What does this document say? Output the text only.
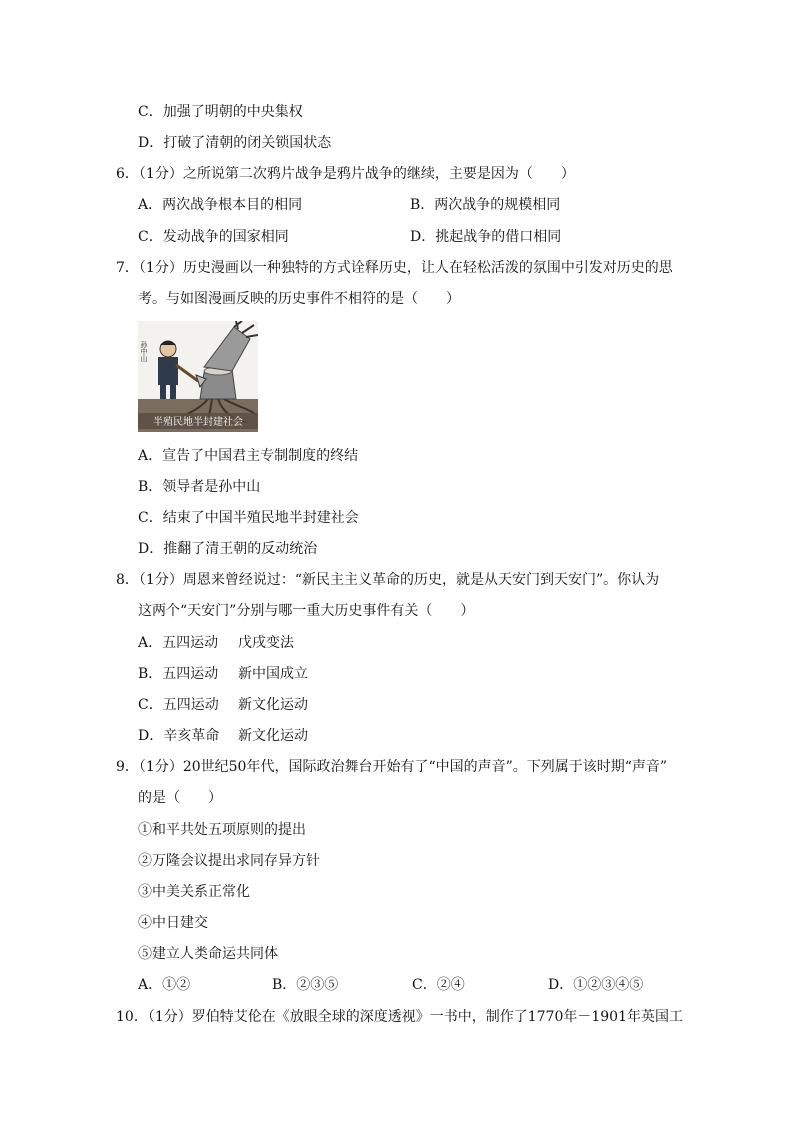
C．加强了明朝的中央集权
D．打破了清朝的闭关锁国状态
6．（1分）之所说第二次鸦片战争是鸦片战争的继续，主要是因为（　　）
A．两次战争根本目的相同	B．两次战争的规模相同
C．发动战争的国家相同	D．挑起战争的借口相同
7．（1分）历史漫画以一种独特的方式诠释历史，让人在轻松活泼的氛围中引发对历史的思
考。与如图漫画反映的历史事件不相符的是（　　）
孙中山
半殖民地半封建社会
A．宣告了中国君主专制制度的终结
B．领导者是孙中山
C．结束了中国半殖民地半封建社会
D．推翻了清王朝的反动统治
8．（1分）周恩来曾经说过：“新民主主义革命的历史，就是从天安门到天安门”。你认为
这两个“天安门”分别与哪一重大历史事件有关（　　）
A．五四运动 戊戌变法
B．五四运动 新中国成立
C．五四运动 新文化运动
D．辛亥革命 新文化运动
9．（1分）20世纪50年代，国际政治舞台开始有了“中国的声音”。下列属于该时期“声音”
的是（　　）
①和平共处五项原则的提出
②万隆会议提出求同存异方针
③中美关系正常化
④中日建交
⑤建立人类命运共同体
A．①②	B．②③⑤	C．②④	D．①②③④⑤
10．（1分）罗伯特艾伦在《放眼全球的深度透视》一书中，制作了1770年－1901年英国工
